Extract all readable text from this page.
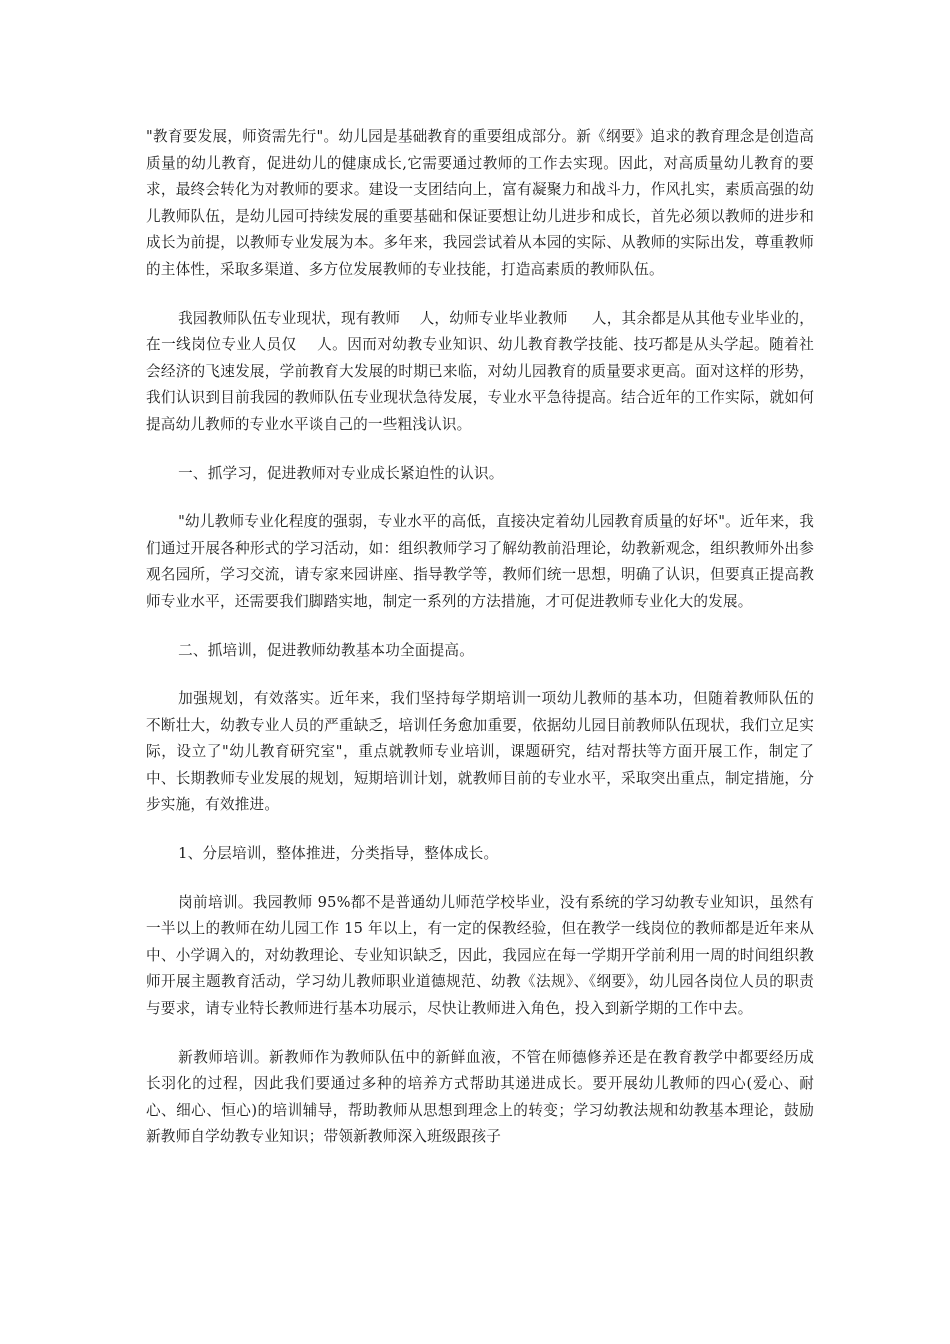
"教育要发展，师资需先行"。幼儿园是基础教育的重要组成部分。新《纲要》追求的教育理念是创造高质量的幼儿教育，促进幼儿的健康成长,它需要通过教师的工作去实现。因此，对高质量幼儿教育的要求，最终会转化为对教师的要求。建设一支团结向上，富有凝聚力和战斗力，作风扎实，素质高强的幼儿教师队伍，是幼儿园可持续发展的重要基础和保证要想让幼儿进步和成长，首先必须以教师的进步和成长为前提，以教师专业发展为本。多年来，我园尝试着从本园的实际、从教师的实际出发，尊重教师的主体性，采取多渠道、多方位发展教师的专业技能，打造高素质的教师队伍。

我园教师队伍专业现状，现有教师    人，幼师专业毕业教师     人，其余都是从其他专业毕业的，在一线岗位专业人员仅    人。因而对幼教专业知识、幼儿教育教学技能、技巧都是从头学起。随着社会经济的飞速发展，学前教育大发展的时期已来临，对幼儿园教育的质量要求更高。面对这样的形势，我们认识到目前我园的教师队伍专业现状急待发展，专业水平急待提高。结合近年的工作实际，就如何提高幼儿教师的专业水平谈自己的一些粗浅认识。

一、抓学习，促进教师对专业成长紧迫性的认识。

"幼儿教师专业化程度的强弱，专业水平的高低，直接决定着幼儿园教育质量的好坏"。近年来，我们通过开展各种形式的学习活动，如：组织教师学习了解幼教前沿理论，幼教新观念，组织教师外出参观名园所，学习交流，请专家来园讲座、指导教学等，教师们统一思想，明确了认识，但要真正提高教师专业水平，还需要我们脚踏实地，制定一系列的方法措施，才可促进教师专业化大的发展。

二、抓培训，促进教师幼教基本功全面提高。

加强规划，有效落实。近年来，我们坚持每学期培训一项幼儿教师的基本功，但随着教师队伍的不断壮大，幼教专业人员的严重缺乏，培训任务愈加重要，依据幼儿园目前教师队伍现状，我们立足实际，设立了"幼儿教育研究室"，重点就教师专业培训，课题研究，结对帮扶等方面开展工作，制定了中、长期教师专业发展的规划，短期培训计划，就教师目前的专业水平，采取突出重点，制定措施，分步实施，有效推进。

1、分层培训，整体推进，分类指导，整体成长。

岗前培训。我园教师 95%都不是普通幼儿师范学校毕业，没有系统的学习幼教专业知识，虽然有一半以上的教师在幼儿园工作 15 年以上，有一定的保教经验，但在教学一线岗位的教师都是近年来从中、小学调入的，对幼教理论、专业知识缺乏，因此，我园应在每一学期开学前利用一周的时间组织教师开展主题教育活动，学习幼儿教师职业道德规范、幼教《法规》、《纲要》，幼儿园各岗位人员的职责与要求，请专业特长教师进行基本功展示，尽快让教师进入角色，投入到新学期的工作中去。

新教师培训。新教师作为教师队伍中的新鲜血液，不管在师德修养还是在教育教学中都要经历成长羽化的过程，因此我们要通过多种的培养方式帮助其递进成长。要开展幼儿教师的四心(爱心、耐心、细心、恒心)的培训辅导，帮助教师从思想到理念上的转变；学习幼教法规和幼教基本理论，鼓励新教师自学幼教专业知识；带领新教师深入班级跟孩子
